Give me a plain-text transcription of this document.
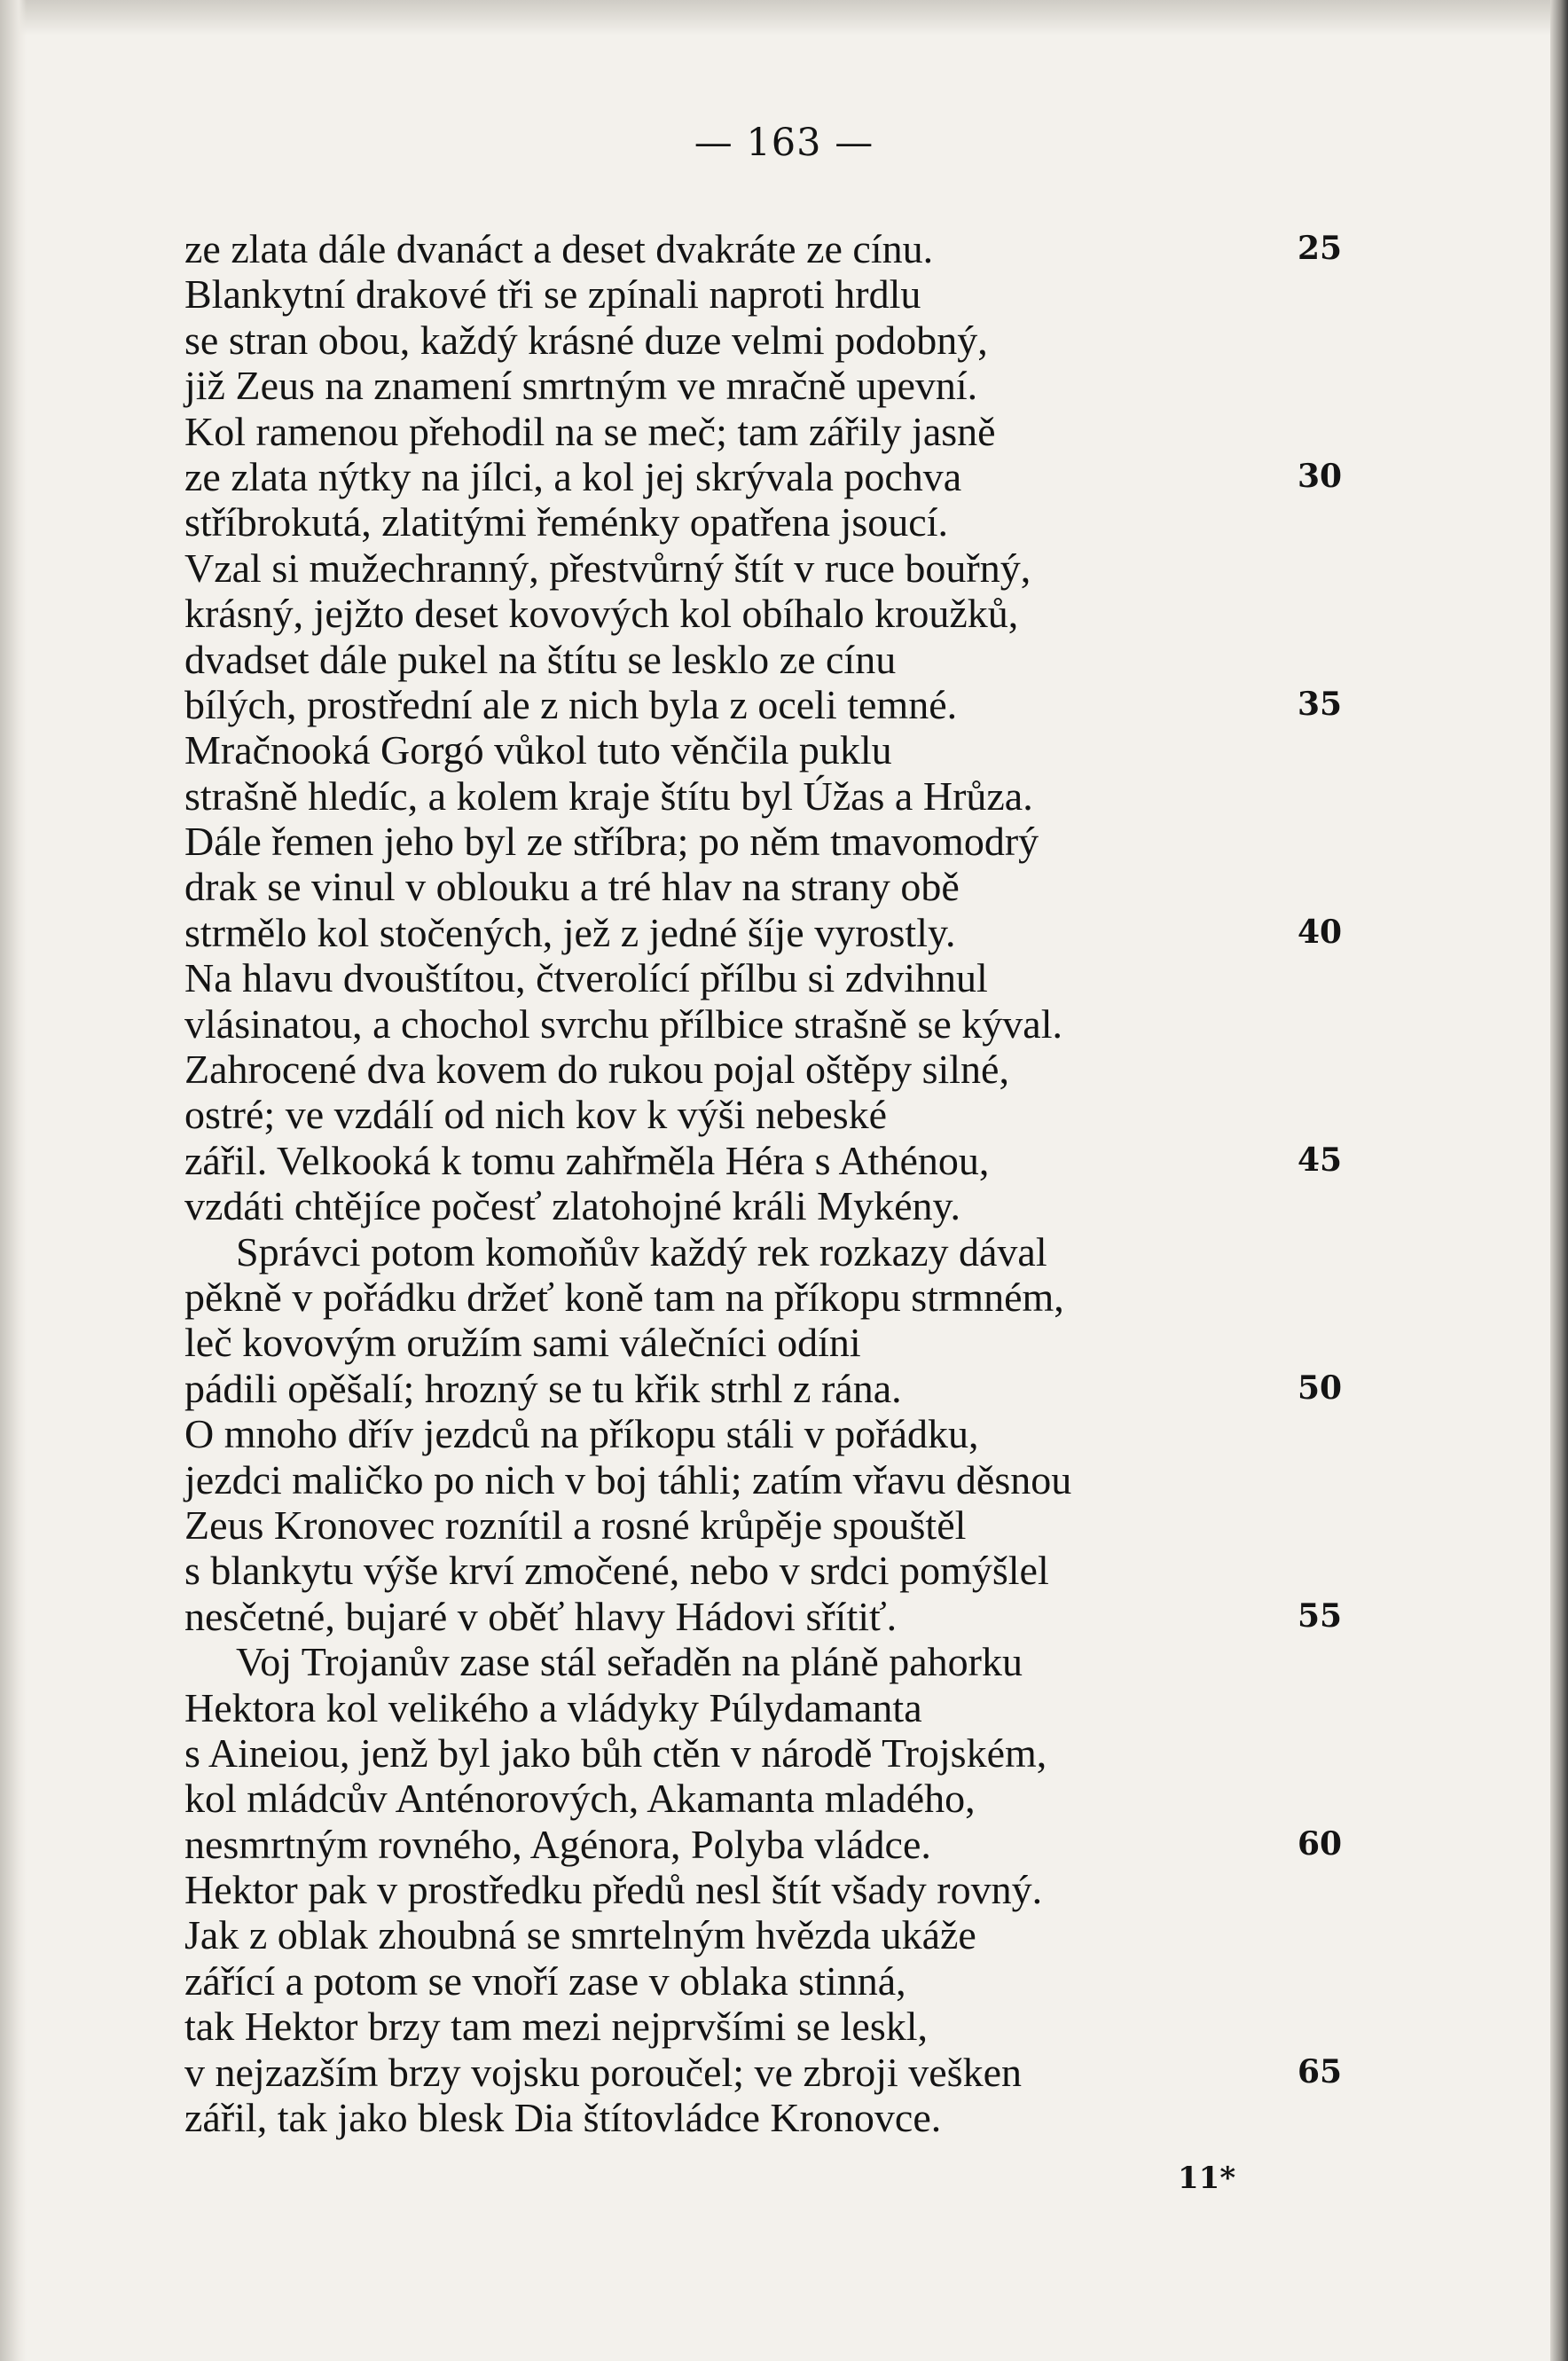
— 163 —
ze zlata dále dvanáct a deset dvakráte ze cínu.	25
Blankytní drakové tři se zpínali naproti hrdlu
se stran obou, každý krásné duze velmi podobný,
již Zeus na znamení smrtným ve mračně upevní.
Kol ramenou přehodil na se meč; tam zářily jasně
ze zlata nýtky na jílci, a kol jej skrývala pochva	30
stříbrokutá, zlatitými řeménky opatřena jsoucí.
Vzal si mužechranný, přestvůrný štít v ruce bouřný,
krásný, jejžto deset kovových kol obíhalo kroužků,
dvadset dále pukel na štítu se lesklo ze cínu
bílých, prostřední ale z nich byla z oceli temné.	35
Mračnooká Gorgó vůkol tuto věnčila puklu
strašně hledíc, a kolem kraje štítu byl Úžas a Hrůza.
Dále řemen jeho byl ze stříbra; po něm tmavomodrý
drak se vinul v oblouku a tré hlav na strany obě
strmělo kol stočených, jež z jedné šíje vyrostly.	40
Na hlavu dvouštítou, čtverolící přílbu si zdvihnul
vlásinatou, a chochol svrchu přílbice strašně se kýval.
Zahrocené dva kovem do rukou pojal oštěpy silné,
ostré; ve vzdálí od nich kov k výši nebeské
zářil. Velkooká k tomu zahřměla Héra s Athénou,	45
vzdáti chtějíce počesť zlatohojné králi Mykény.
Správci potom komoňův každý rek rozkazy dával
pěkně v pořádku držeť koně tam na příkopu strmném,
leč kovovým oružím sami válečníci odíni
pádili opěšalí; hrozný se tu křik strhl z rána.	50
O mnoho dřív jezdců na příkopu stáli v pořádku,
jezdci maličko po nich v boj táhli; zatím vřavu děsnou
Zeus Kronovec roznítil a rosné krůpěje spouštěl
s blankytu výše krví zmočené, nebo v srdci pomýšlel
nesčetné, bujaré v oběť hlavy Hádovi sřítiť.	55
Voj Trojanův zase stál seřaděn na pláně pahorku
Hektora kol velikého a vládyky Púlydamanta
s Aineiou, jenž byl jako bůh ctěn v národě Trojském,
kol mládcův Anténorových, Akamanta mladého,
nesmrtným rovného, Agénora, Polyba vládce.	60
Hektor pak v prostředku předů nesl štít všady rovný.
Jak z oblak zhoubná se smrtelným hvězda ukáže
zářící a potom se vnoří zase v oblaka stinná,
tak Hektor brzy tam mezi nejprvšími se leskl,
v nejzazším brzy vojsku poroučel; ve zbroji vešken	65
zářil, tak jako blesk Dia štítovládce Kronovce.
11*
